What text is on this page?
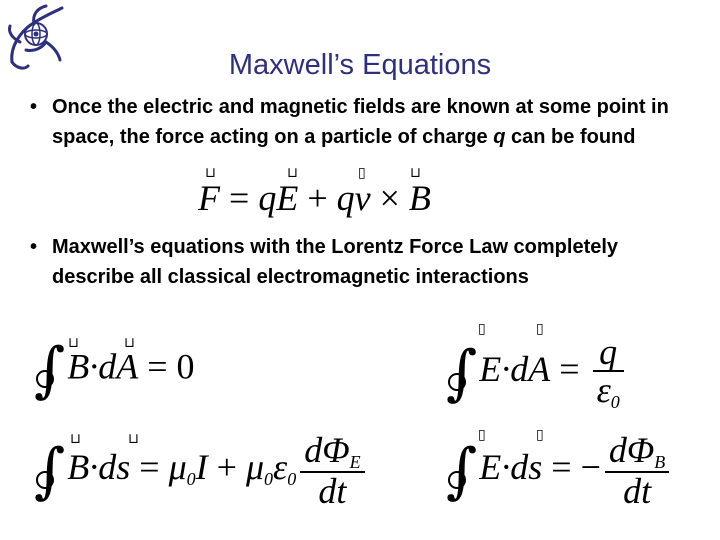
Maxwell’s Equations
• Once the electric and magnetic fields are known at some point in space, the force acting on a particle of charge q can be found
F = qE + qv × B
⊔	⊔	▯	⊔
• Maxwell’s equations with the Lorentz Force Law completely describe all classical electromagnetic interactions
∫
B·dA = 0
⊔	⊔	∫
$E\cdot dA = \frac{q}{\varepsilon_0}$
▯	▯
∫
$B\cdot ds = \mu_0I + \mu_0\varepsilon_0 \frac{d\Phi_E}{dt}$
⊔	⊔	∫
E·ds = − $\frac{d\Phi_B}{dt}$
▯	▯
